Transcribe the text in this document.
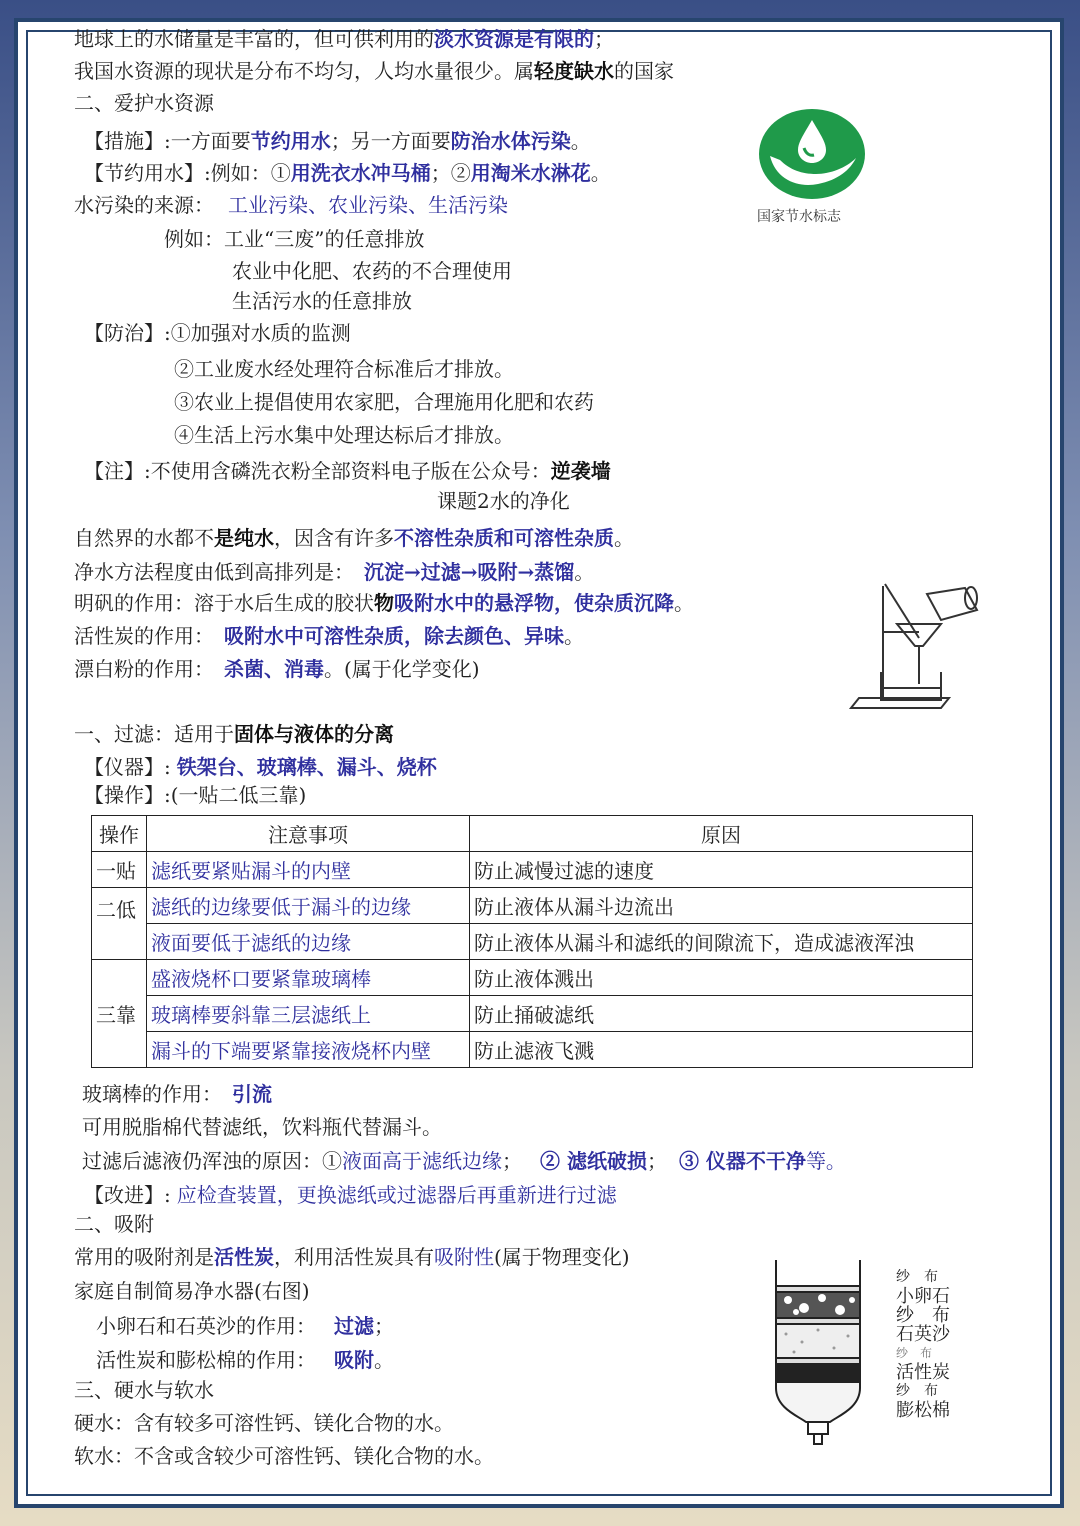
地球上的水储量是丰富的，但可供利用的淡水资源是有限的；
我国水资源的现状是分布不均匀，人均水量很少。属轻度缺水的国家
二、爱护水资源
【措施】:一方面要节约用水；另一方面要防治水体污染。
【节约用水】:例如：①用洗衣水冲马桶；②用淘米水淋花。
水污染的来源： 工业污染、农业污染、生活污染
例如：工业“三废”的任意排放
农业中化肥、农药的不合理使用
生活污水的任意排放
【防治】:①加强对水质的监测
②工业废水经处理符合标准后才排放。
③农业上提倡使用农家肥，合理施用化肥和农药
④生活上污水集中处理达标后才排放。
【注】:不使用含磷洗衣粉全部资料电子版在公众号：逆袭墙
课题2水的净化
国家节水标志
自然界的水都不是纯水，因含有许多不溶性杂质和可溶性杂质。
净水方法程度由低到高排列是： 沉淀→过滤→吸附→蒸馏。
明矾的作用：溶于水后生成的胶状物吸附水中的悬浮物，使杂质沉降。
活性炭的作用： 吸附水中可溶性杂质，除去颜色、异味。
漂白粉的作用： 杀菌、消毒。(属于化学变化)
一、过滤：适用于固体与液体的分离
【仪器】: 铁架台、玻璃棒、漏斗、烧杯
【操作】:(一贴二低三靠)
操作	注意事项	原因
一贴	滤纸要紧贴漏斗的内壁	防止减慢过滤的速度
二低	滤纸的边缘要低于漏斗的边缘	防止液体从漏斗边流出
	液面要低于滤纸的边缘	防止液体从漏斗和滤纸的间隙流下，造成滤液浑浊
三靠	盛液烧杯口要紧靠玻璃棒	防止液体溅出
	玻璃棒要斜靠三层滤纸上	防止捅破滤纸
	漏斗的下端要紧靠接液烧杯内壁	防止滤液飞溅
玻璃棒的作用： 引流
可用脱脂棉代替滤纸，饮料瓶代替漏斗。
过滤后滤液仍浑浊的原因：①液面高于滤纸边缘； ② 滤纸破损； ③ 仪器不干净等。
【改进】: 应检查装置，更换滤纸或过滤器后再重新进行过滤
二、吸附
常用的吸附剂是活性炭，利用活性炭具有吸附性(属于物理变化)
家庭自制简易净水器(右图)
小卵石和石英沙的作用： 过滤；
活性炭和膨松棉的作用： 吸附。
三、硬水与软水
硬水：含有较多可溶性钙、镁化合物的水。
软水：不含或含较少可溶性钙、镁化合物的水。
纱　布
小卵石
纱　布
石英沙
纱　布
活性炭
纱　布
膨松棉
